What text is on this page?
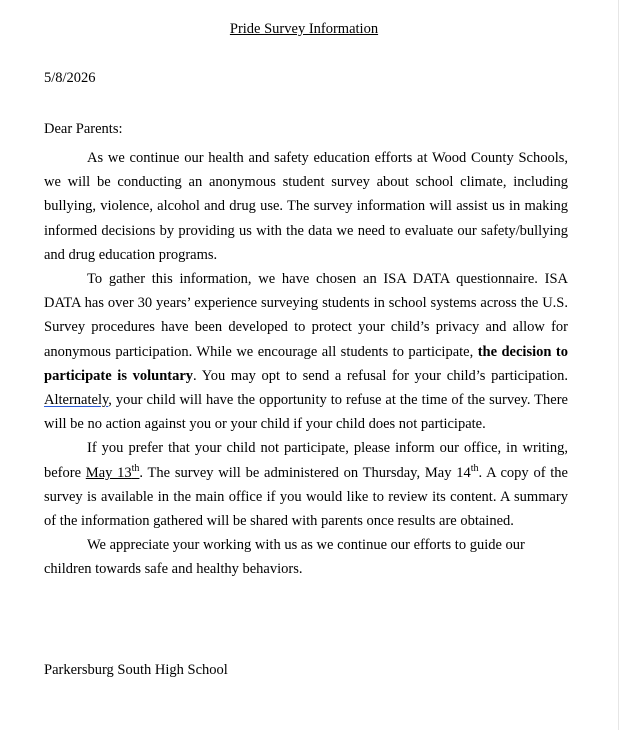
Pride Survey Information
5/8/2026
Dear Parents:

As we continue our health and safety education efforts at Wood County Schools, we will be conducting an anonymous student survey about school climate, including bullying, violence, alcohol and drug use. The survey information will assist us in making informed decisions by providing us with the data we need to evaluate our safety/bullying and drug education programs.

To gather this information, we have chosen an ISA DATA questionnaire. ISA DATA has over 30 years’ experience surveying students in school systems across the U.S. Survey procedures have been developed to protect your child’s privacy and allow for anonymous participation. While we encourage all students to participate, the decision to participate is voluntary. You may opt to send a refusal for your child’s participation. Alternately, your child will have the opportunity to refuse at the time of the survey. There will be no action against you or your child if your child does not participate.

If you prefer that your child not participate, please inform our office, in writing, before May 13th. The survey will be administered on Thursday, May 14th. A copy of the survey is available in the main office if you would like to review its content. A summary of the information gathered will be shared with parents once results are obtained.

We appreciate your working with us as we continue our efforts to guide our children towards safe and healthy behaviors.

Parkersburg South High School
